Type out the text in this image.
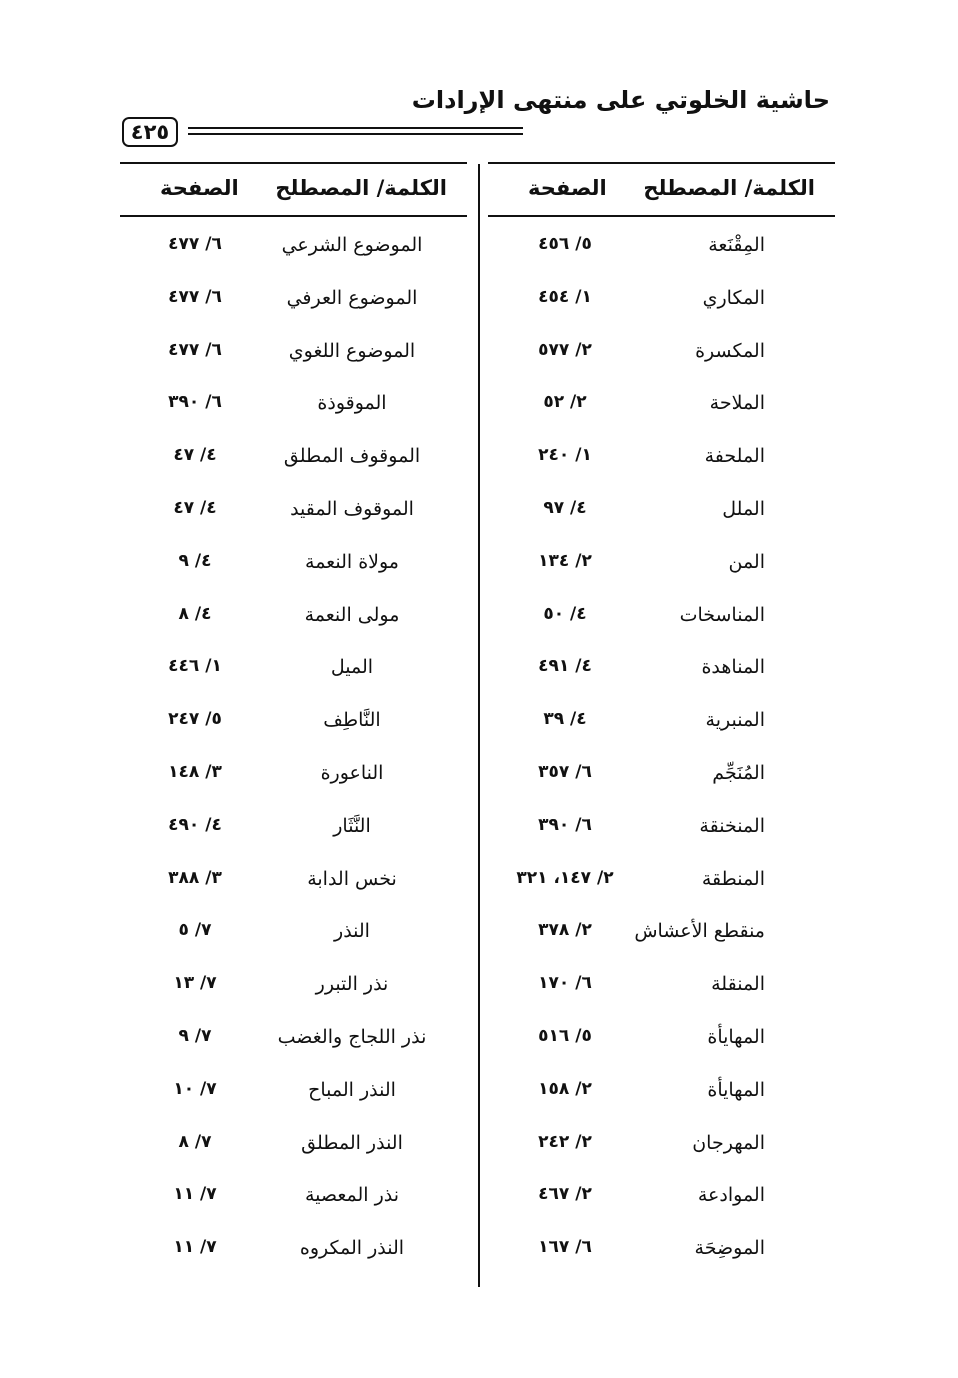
حاشية الخلوتي على منتهى الإرادات
٤٢٥
الكلمة/ المصطلح
الصفحة
المِقْنَعة
٥/ ٤٥٦
المكاري
١/ ٤٥٤
المكسرة
٢/ ٥٧٧
الملاحة
٢/ ٥٢
الملحفة
١/ ٢٤٠
الملل
٤/ ٩٧
المن
٢/ ١٣٤
المناسخات
٤/ ٥٠
المناهدة
٤/ ٤٩١
المنبرية
٤/ ٣٩
المُنَجِّم
٦/ ٣٥٧
المنخنقة
٦/ ٣٩٠
المنطقة
٢/ ١٤٧، ٣٢١
منقطع الأعشاش
٢/ ٣٧٨
المنقلة
٦/ ١٧٠
المهايأة
٥/ ٥١٦
المهايأة
٢/ ١٥٨
المهرجان
٢/ ٢٤٢
الموادعة
٢/ ٤٦٧
الموضِحَة
٦/ ١٦٧
الكلمة/ المصطلح
الصفحة
الموضوع الشرعي
٦/ ٤٧٧
الموضوع العرفي
٦/ ٤٧٧
الموضوع اللغوي
٦/ ٤٧٧
الموقوذة
٦/ ٣٩٠
الموقوف المطلق
٤/ ٤٧
الموقوف المقيد
٤/ ٤٧
مولاة النعمة
٤/ ٩
مولى النعمة
٤/ ٨
الميل
١/ ٤٤٦
النَّاطِف
٥/ ٢٤٧
الناعورة
٣/ ١٤٨
النَّثَار
٤/ ٤٩٠
نخس الدابة
٣/ ٣٨٨
النذر
٧/ ٥
نذر التبرر
٧/ ١٣
نذر اللجاج والغضب
٧/ ٩
النذر المباح
٧/ ١٠
النذر المطلق
٧/ ٨
نذر المعصية
٧/ ١١
النذر المكروه
٧/ ١١
